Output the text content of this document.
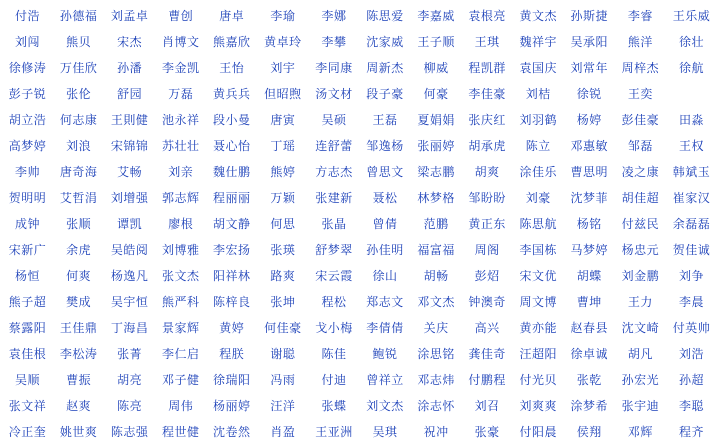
付浩	孙德福	刘孟卓	曹创	唐卓	李瑜	李娜	陈思爱	李嘉威	袁根亮	黄文杰	孙斯捷	李睿	王乐威
刘闯	熊贝	宋杰	肖博文	熊嘉欣	黄卓玲	李攀	沈家威	王子顺	王琪	魏祥宇	吴承阳	熊洋	徐壮
徐修涛	万佳欣	孙潘	李金凯	王怡	刘宇	李同康	周新杰	柳威	程凯群	袁国庆	刘常年	周梓杰	徐航
彭子锐	张伦	舒园	万磊	黄兵兵	但昭煦	汤文材	段子豪	何豪	李佳豪	刘桔	徐锐	王奕
胡立浩	何志康	王則健	池永祥	段小曼	唐寅	吴硕	王磊	夏娟娟	张庆红	刘羽鹤	杨婷	彭佳豪	田淼
高梦婷	刘浪	宋锦锦	苏壮壮	聂心怡	丁瑶	连舒蕾	邹逸杨	张丽婷	胡承虎	陈立	邓惠敏	邹磊	王权
李帅	唐奇海	艾畅	刘亲	魏仕鹏	熊婷	方志杰	曾思文	梁志鹏	胡爽	涂佳乐	曹思明	凌之康	韩斌玉
贺明明	艾哲涓	刘增强	郭志辉	程丽丽	万颖	张建新	聂松	林梦格	邹盼盼	刘豪	沈梦菲	胡佳超	崔家汉
成钟	张顺	谭凯	廖根	胡文静	何思	张晶	曾倩	范鹏	黄正东	陈思航	杨铭	付兹民	余磊磊
宋新广	余虎	吴皓阅	刘博雅	李宏扬	张瑛	舒梦翠	孙佳明	福富福	周阁	李国栋	马梦婷	杨忠元	贺佳诚
杨恒	何爽	杨逸凡	张文杰	阳祥林	路爽	宋云霞	徐山	胡畅	彭炤	宋文优	胡蝶	刘金鹏	刘争
熊子超	樊成	吴宇恒	熊严科	陈梓良	张坤	程松	郑志文	邓文杰	钟澳奇	周文博	曹坤	王力	李晨
蔡露阳	王佳鼎	丁海昌	景家辉	黄婷	何佳豪	戈小梅	李倩倩	关庆	高兴	黄亦能	赵春县	沈文崎	付英帅
袁佳根	李松涛	张菁	李仁启	程朕	谢聪	陈佳	鲍锐	涂思铭	龚佳奇	汪超阳	徐卓诚	胡凡	刘浩
吴顺	曹振	胡亮	邓子健	徐瑞阳	冯雨	付迪	曾祥立	邓志炜	付鹏程	付光贝	张乾	孙宏光	孙超
张文祥	赵爽	陈亮	周伟	杨丽婷	汪洋	张蝶	刘文杰	涂志怀	刘召	刘爽爽	涂梦希	张宇迪	李聪
冷正奎	姚世爽	陈志强	程世健	沈卷然	肖盈	王亚洲	吴琪	祝冲	张豪	付阳晨	侯翔	邓辉	程齐
